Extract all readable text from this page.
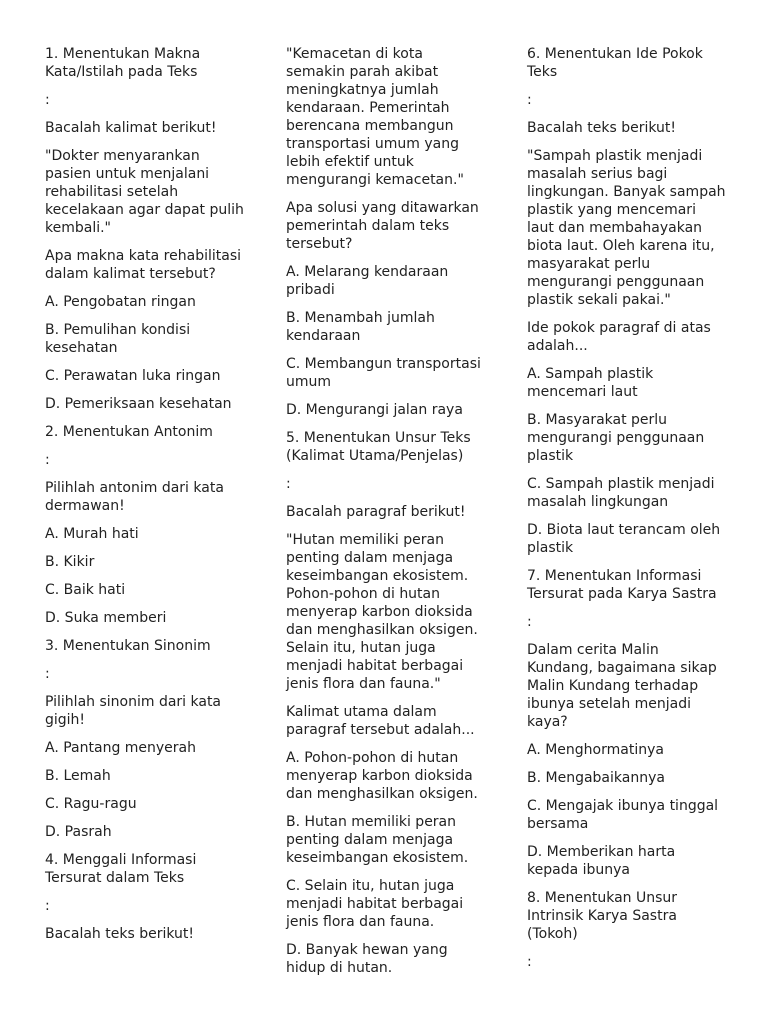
1. Menentukan Makna Kata/Istilah pada Teks

:

Bacalah kalimat berikut!

"Dokter menyarankan pasien untuk menjalani rehabilitasi setelah kecelakaan agar dapat pulih kembali."

Apa makna kata rehabilitasi dalam kalimat tersebut?

A. Pengobatan ringan

B. Pemulihan kondisi kesehatan

C. Perawatan luka ringan

D. Pemeriksaan kesehatan

2. Menentukan Antonim

:

Pilihlah antonim dari kata dermawan!

A. Murah hati

B. Kikir

C. Baik hati

D. Suka memberi

3. Menentukan Sinonim

:

Pilihlah sinonim dari kata gigih!

A. Pantang menyerah

B. Lemah

C. Ragu-ragu

D. Pasrah

4. Menggali Informasi Tersurat dalam Teks

:

Bacalah teks berikut!

"Kemacetan di kota semakin parah akibat meningkatnya jumlah kendaraan. Pemerintah berencana membangun transportasi umum yang lebih efektif untuk mengurangi kemacetan."

Apa solusi yang ditawarkan pemerintah dalam teks tersebut?

A. Melarang kendaraan pribadi

B. Menambah jumlah kendaraan

C. Membangun transportasi umum

D. Mengurangi jalan raya

5. Menentukan Unsur Teks (Kalimat Utama/Penjelas)

:

Bacalah paragraf berikut!

"Hutan memiliki peran penting dalam menjaga keseimbangan ekosistem. Pohon-pohon di hutan menyerap karbon dioksida dan menghasilkan oksigen. Selain itu, hutan juga menjadi habitat berbagai jenis flora dan fauna."

Kalimat utama dalam paragraf tersebut adalah...

A. Pohon-pohon di hutan menyerap karbon dioksida dan menghasilkan oksigen.

B. Hutan memiliki peran penting dalam menjaga keseimbangan ekosistem.

C. Selain itu, hutan juga menjadi habitat berbagai jenis flora dan fauna.

D. Banyak hewan yang hidup di hutan.

6. Menentukan Ide Pokok Teks

:

Bacalah teks berikut!

"Sampah plastik menjadi masalah serius bagi lingkungan. Banyak sampah plastik yang mencemari laut dan membahayakan biota laut. Oleh karena itu, masyarakat perlu mengurangi penggunaan plastik sekali pakai."

Ide pokok paragraf di atas adalah...

A. Sampah plastik mencemari laut

B. Masyarakat perlu mengurangi penggunaan plastik

C. Sampah plastik menjadi masalah lingkungan

D. Biota laut terancam oleh plastik

7. Menentukan Informasi Tersurat pada Karya Sastra

:

Dalam cerita Malin Kundang, bagaimana sikap Malin Kundang terhadap ibunya setelah menjadi kaya?

A. Menghormatinya

B. Mengabaikannya

C. Mengajak ibunya tinggal bersama

D. Memberikan harta kepada ibunya

8. Menentukan Unsur Intrinsik Karya Sastra (Tokoh)

:
